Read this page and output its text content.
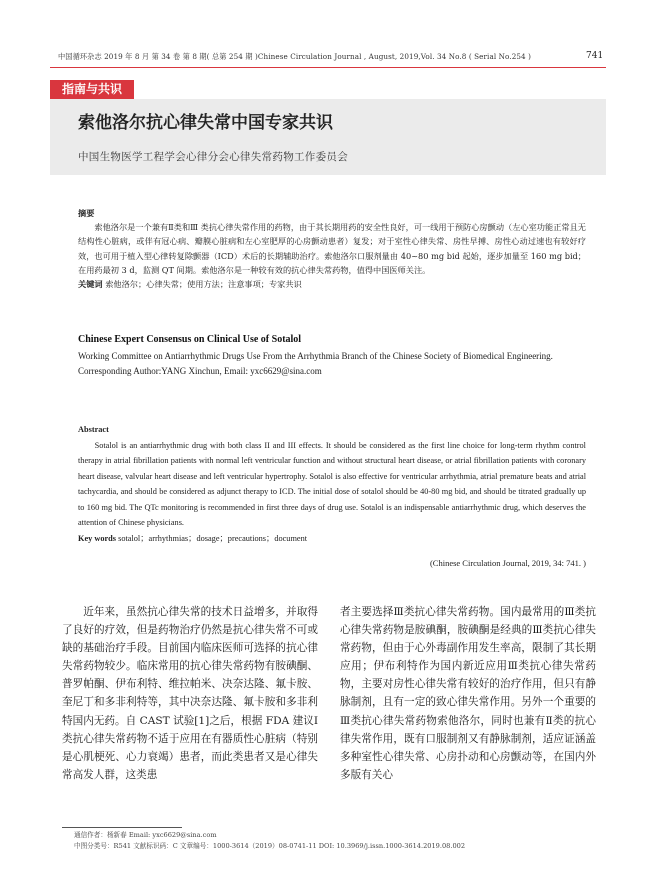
中国循环杂志 2019 年 8 月 第 34 卷 第 8 期( 总第 254 期 )Chinese Circulation Journal , August, 2019,Vol. 34 No.8 ( Serial No.254 )	741
指南与共识
索他洛尔抗心律失常中国专家共识
中国生物医学工程学会心律分会心律失常药物工作委员会
摘要
索他洛尔是一个兼有Ⅱ类和Ⅲ 类抗心律失常作用的药物，由于其长期用药的安全性良好，可一线用于预防心房颤动（左心室功能正常且无结构性心脏病，或伴有冠心病、瓣膜心脏病和左心室肥厚的心房颤动患者）复发；对于室性心律失常、房性早搏、房性心动过速也有较好疗效，也可用于植入型心律转复除颤器（ICD）术后的长期辅助治疗。索他洛尔口服剂量由 40~80 mg bid 起始，逐步加量至 160 mg bid；在用药最初 3 d，监测 QT 间期。索他洛尔是一种较有效的抗心律失常药物，值得中国医师关注。
关键词 索他洛尔；心律失常；使用方法；注意事项；专家共识
Chinese Expert Consensus on Clinical Use of Sotalol
Working Committee on Antiarrhythmic Drugs Use From the Arrhythmia Branch of the Chinese Society of Biomedical Engineering.
Corresponding Author:YANG Xinchun, Email: yxc6629@sina.com
Abstract
Sotalol is an antiarrhythmic drug with both class II and III effects. It should be considered as the first line choice for long-term rhythm control therapy in atrial fibrillation patients with normal left ventricular function and without structural heart disease, or atrial fibrillation patients with coronary heart disease, valvular heart disease and left ventricular hypertrophy. Sotalol is also effective for ventricular arrhythmia, atrial premature beats and atrial tachycardia, and should be considered as adjunct therapy to ICD. The initial dose of sotalol should be 40-80 mg bid, and should be titrated gradually up to 160 mg bid. The QTc monitoring is recommended in first three days of drug use. Sotalol is an indispensable antiarrhythmic drug, which deserves the attention of Chinese physicians.
Key words sotalol；arrhythmias；dosage；precautions；document
(Chinese Circulation Journal, 2019, 34: 741. )
近年来，虽然抗心律失常的技术日益增多，并取得了良好的疗效，但是药物治疗仍然是抗心律失常不可或缺的基础治疗手段。目前国内临床医师可选择的抗心律失常药物较少。临床常用的抗心律失常药物有胺碘酮、普罗帕酮、伊布利特、维拉帕米、决奈达隆、氟卡胺、奎尼丁和多非利特等，其中决奈达隆、氟卡胺和多非利特国内无药。自 CAST 试验[1]之后，根据 FDA 建议Ⅰ类抗心律失常药物不适于应用在有器质性心脏病（特别是心肌梗死、心力衰竭）患者，而此类患者又是心律失常高发人群，这类患
者主要选择Ⅲ类抗心律失常药物。国内最常用的Ⅲ类抗心律失常药物是胺碘酮，胺碘酮是经典的Ⅲ类抗心律失常药物，但由于心外毒副作用发生率高，限制了其长期应用；伊布利特作为国内新近应用Ⅲ类抗心律失常药物，主要对房性心律失常有较好的治疗作用，但只有静脉制剂，且有一定的致心律失常作用。另外一个重要的Ⅲ类抗心律失常药物索他洛尔，同时也兼有Ⅱ类的抗心律失常作用，既有口服制剂又有静脉制剂，适应证涵盖多种室性心律失常、心房扑动和心房颤动等，在国内外多版有关心
通信作者：杨新春 Email: yxc6629@sina.com
中图分类号：R541 文献标识码：C 文章编号：1000-3614（2019）08-0741-11 DOI: 10.3969/j.issn.1000-3614.2019.08.002
